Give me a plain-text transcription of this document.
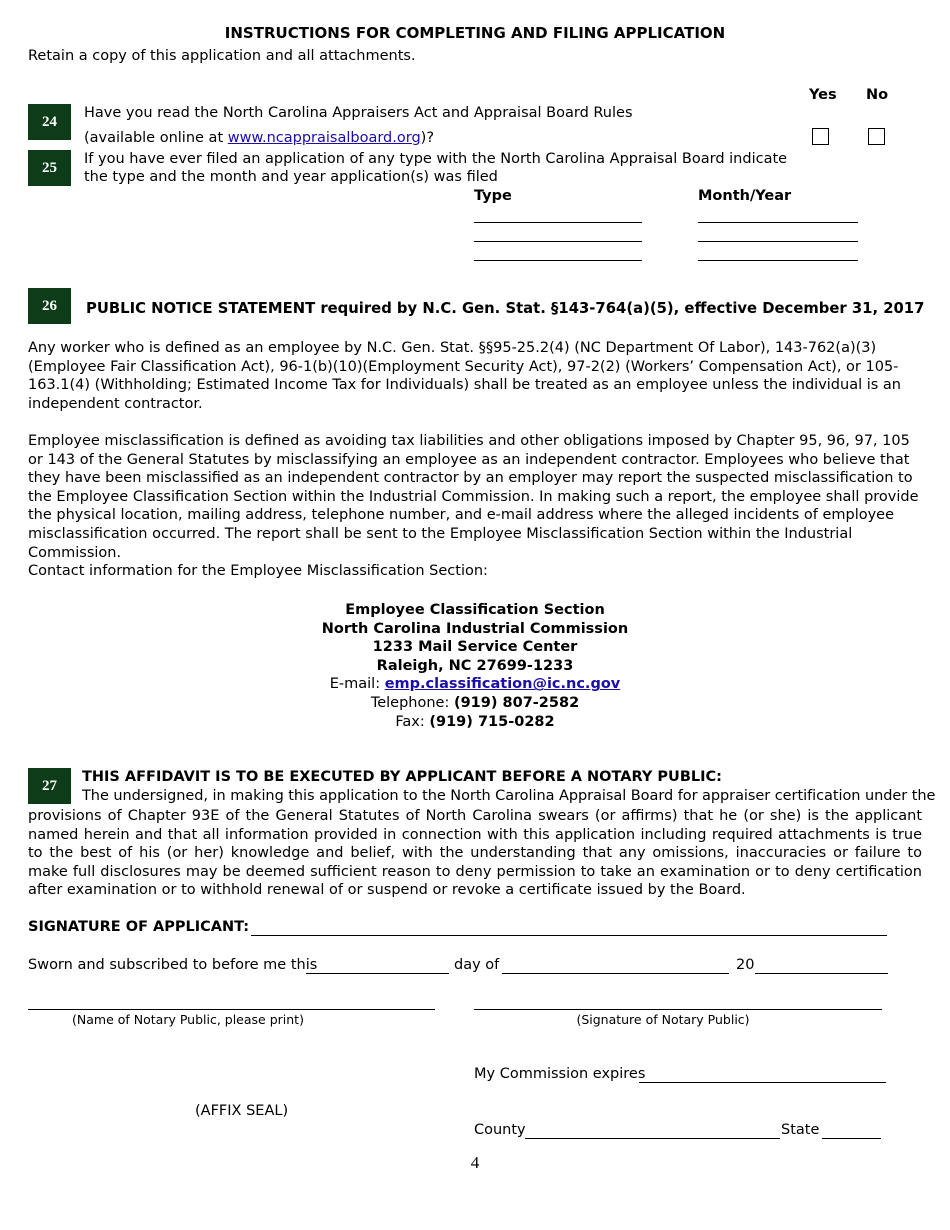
INSTRUCTIONS FOR COMPLETING AND FILING APPLICATION
Retain a copy of this application and all attachments.
Yes No
24
Have you read the North Carolina Appraisers Act and Appraisal Board Rules
(available online at www.ncappraisalboard.org)?
25
If you have ever filed an application of any type with the North Carolina Appraisal Board indicate
the type and the month and year application(s) was filed
Type	Month/Year
26	PUBLIC NOTICE STATEMENT required by N.C. Gen. Stat. §143-764(a)(5), effective December 31, 2017
Any worker who is defined as an employee by N.C. Gen. Stat. §§95-25.2(4) (NC Department Of Labor), 143-762(a)(3) (Employee Fair Classification Act), 96-1(b)(10)(Employment Security Act), 97-2(2) (Workers’ Compensation Act), or 105-163.1(4) (Withholding; Estimated Income Tax for Individuals) shall be treated as an employee unless the individual is an independent contractor.
Employee misclassification is defined as avoiding tax liabilities and other obligations imposed by Chapter 95, 96, 97, 105 or 143 of the General Statutes by misclassifying an employee as an independent contractor. Employees who believe that they have been misclassified as an independent contractor by an employer may report the suspected misclassification to the Employee Classification Section within the Industrial Commission. In making such a report, the employee shall provide the physical location, mailing address, telephone number, and e-mail address where the alleged incidents of employee misclassification occurred. The report shall be sent to the Employee Misclassification Section within the Industrial Commission.
Contact information for the Employee Misclassification Section:
Employee Classification Section
North Carolina Industrial Commission
1233 Mail Service Center
Raleigh, NC 27699-1233
E-mail: emp.classification@ic.nc.gov
Telephone: (919) 807-2582
Fax: (919) 715-0282
27
THIS AFFIDAVIT IS TO BE EXECUTED BY APPLICANT BEFORE A NOTARY PUBLIC:
The undersigned, in making this application to the North Carolina Appraisal Board for appraiser certification under the
provisions of Chapter 93E of the General Statutes of North Carolina swears (or affirms) that he (or she) is the applicant named herein and that all information provided in connection with this application including required attachments is true to the best of his (or her) knowledge and belief, with the understanding that any omissions, inaccuracies or failure to make full disclosures may be deemed sufficient reason to deny permission to take an examination or to deny certification after examination or to withhold renewal of or suspend or revoke a certificate issued by the Board.
SIGNATURE OF APPLICANT:
Sworn and subscribed to before me this	day of	20
(Name of Notary Public, please print)	(Signature of Notary Public)
My Commission expires
(AFFIX SEAL)
County	State
4
